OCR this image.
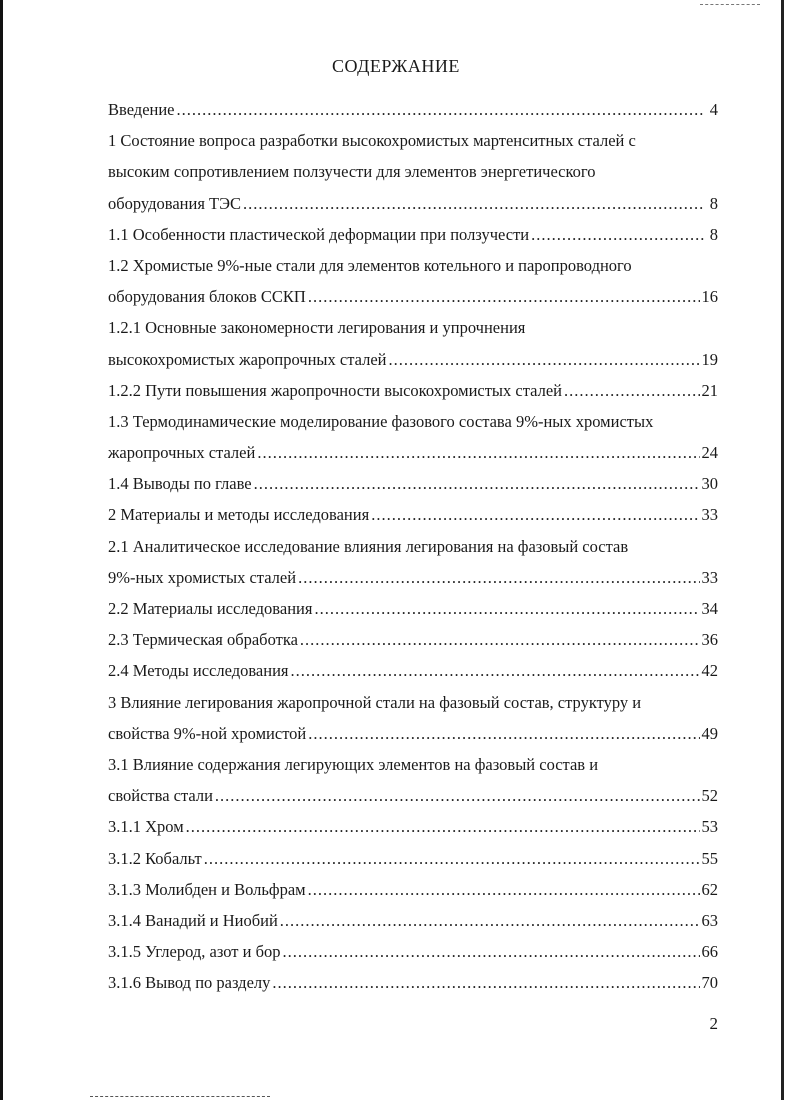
СОДЕРЖАНИЕ
Введение .....	4
1 Состояние вопроса разработки высокохромистых мартенситных сталей с
высоким сопротивлением ползучести для элементов энергетического
оборудования ТЭС .....	8
1.1 Особенности пластической деформации при ползучести .....	8
1.2 Хромистые 9%-ные стали для элементов котельного и паропроводного
оборудования блоков ССКП .....	16
1.2.1 Основные закономерности легирования и упрочнения
высокохромистых жаропрочных сталей .....	19
1.2.2 Пути повышения жаропрочности высокохромистых сталей .....	21
1.3 Термодинамические моделирование фазового состава 9%-ных хромистых
жаропрочных сталей .....	24
1.4 Выводы по главе .....	30
2 Материалы и методы исследования .....	33
2.1 Аналитическое исследование влияния легирования на фазовый состав
9%-ных хромистых сталей .....	33
2.2 Материалы исследования .....	34
2.3 Термическая обработка .....	36
2.4 Методы исследования .....	42
3 Влияние легирования жаропрочной стали на фазовый состав, структуру и
свойства 9%-ной хромистой .....	49
3.1 Влияние содержания легирующих элементов на фазовый состав и
свойства стали .....	52
3.1.1 Хром .....	53
3.1.2 Кобальт .....	55
3.1.3 Молибден и Вольфрам .....	62
3.1.4 Ванадий и Ниобий .....	63
3.1.5 Углерод, азот и бор .....	66
3.1.6 Вывод по разделу .....	70
2
